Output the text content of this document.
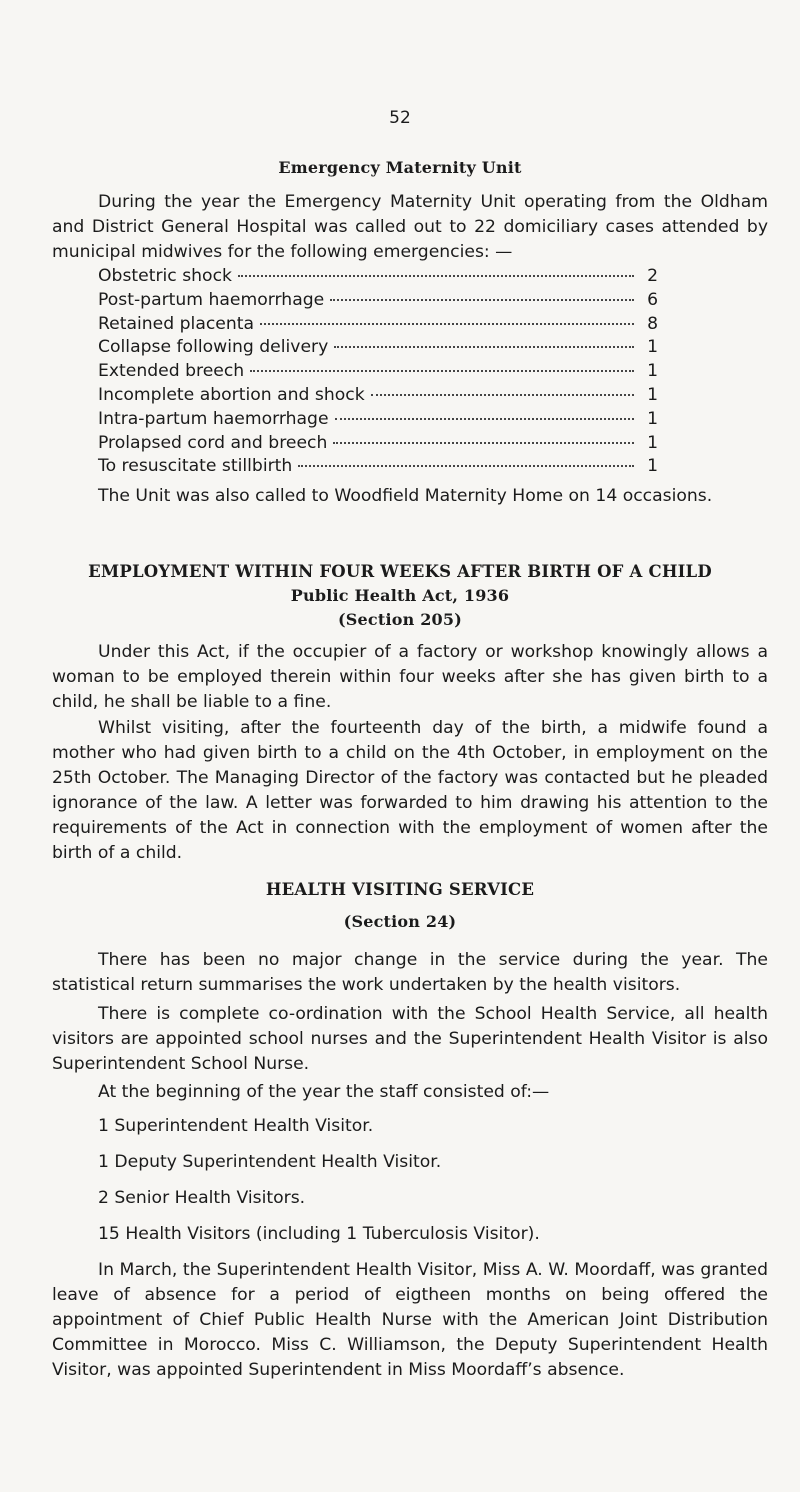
52
Emergency Maternity Unit

During the year the Emergency Maternity Unit operating from the Oldham and District General Hospital was called out to 22 domiciliary cases attended by municipal midwives for the following emergencies: —

Obstetric shock	2
Post-partum haemorrhage	6
Retained placenta	8
Collapse following delivery	1
Extended breech	1
Incomplete abortion and shock	1
Intra-partum haemorrhage	1
Prolapsed cord and breech	1
To resuscitate stillbirth	1

The Unit was also called to Woodfield Maternity Home on 14 occasions.

EMPLOYMENT WITHIN FOUR WEEKS AFTER BIRTH OF A CHILD
Public Health Act, 1936
(Section 205)

Under this Act, if the occupier of a factory or workshop knowingly allows a woman to be employed therein within four weeks after she has given birth to a child, he shall be liable to a fine.

Whilst visiting, after the fourteenth day of the birth, a midwife found a mother who had given birth to a child on the 4th October, in employment on the 25th October. The Managing Director of the factory was contacted but he pleaded ignorance of the law. A letter was forwarded to him drawing his attention to the requirements of the Act in connection with the employment of women after the birth of a child.

HEALTH VISITING SERVICE
(Section 24)

There has been no major change in the service during the year. The statistical return summarises the work undertaken by the health visitors.

There is complete co-ordination with the School Health Service, all health visitors are appointed school nurses and the Superintendent Health Visitor is also Superintendent School Nurse.

At the beginning of the year the staff consisted of:—

1 Superintendent Health Visitor.
1 Deputy Superintendent Health Visitor.
2 Senior Health Visitors.
15 Health Visitors (including 1 Tuberculosis Visitor).

In March, the Superintendent Health Visitor, Miss A. W. Moordaff, was granted leave of absence for a period of eigtheen months on being offered the appointment of Chief Public Health Nurse with the American Joint Distribution Committee in Morocco. Miss C. Williamson, the Deputy Superintendent Health Visitor, was appointed Superintendent in Miss Moordaff’s absence.
